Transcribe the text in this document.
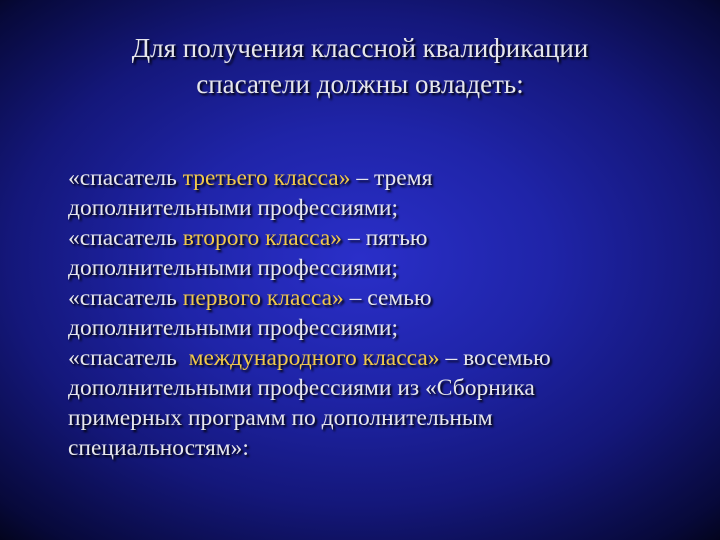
Для получения классной квалификации
спасатели должны овладеть:
«спасатель третьего класса» – тремя
дополнительными профессиями;
«спасатель второго класса» – пятью
дополнительными профессиями;
«спасатель первого класса» – семью
дополнительными профессиями;
«спасатель  международного класса» – восемью
дополнительными профессиями из «Сборника
примерных программ по дополнительным
специальностям»:
